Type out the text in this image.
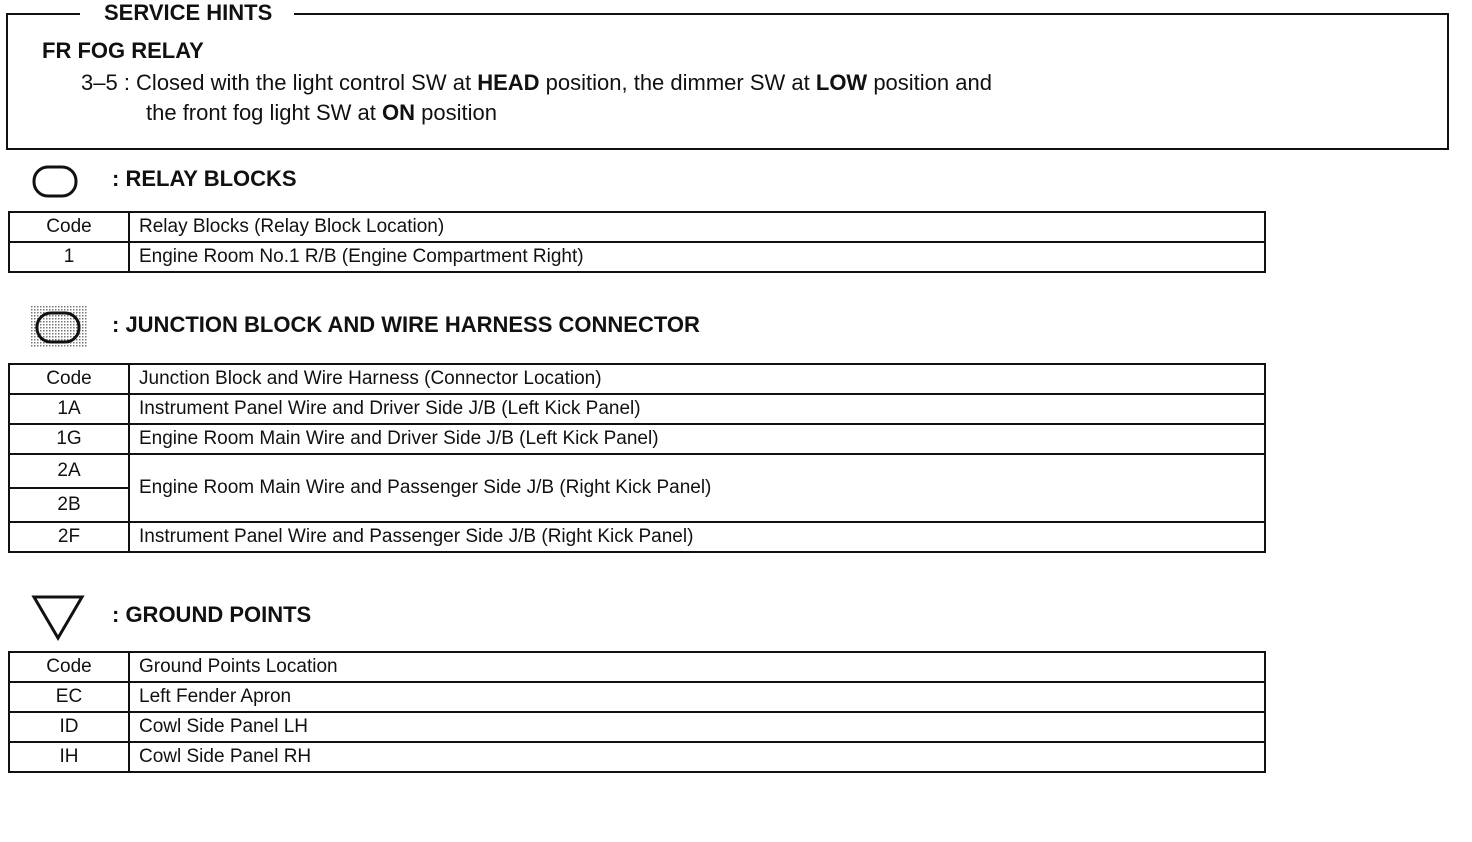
SERVICE HINTS
FR FOG RELAY
3–5 : Closed with the light control SW at HEAD position, the dimmer SW at LOW position and
the front fog light SW at ON position
: RELAY BLOCKS
Code	Relay Blocks (Relay Block Location)
1	Engine Room No.1 R/B (Engine Compartment Right)
: JUNCTION BLOCK AND WIRE HARNESS CONNECTOR
Code	Junction Block and Wire Harness (Connector Location)
1A	Instrument Panel Wire and Driver Side J/B (Left Kick Panel)
1G	Engine Room Main Wire and Driver Side J/B (Left Kick Panel)
2A	Engine Room Main Wire and Passenger Side J/B (Right Kick Panel)
2B	
2F	Instrument Panel Wire and Passenger Side J/B (Right Kick Panel)
: GROUND POINTS
Code	Ground Points Location
EC	Left Fender Apron
ID	Cowl Side Panel LH
IH	Cowl Side Panel RH
